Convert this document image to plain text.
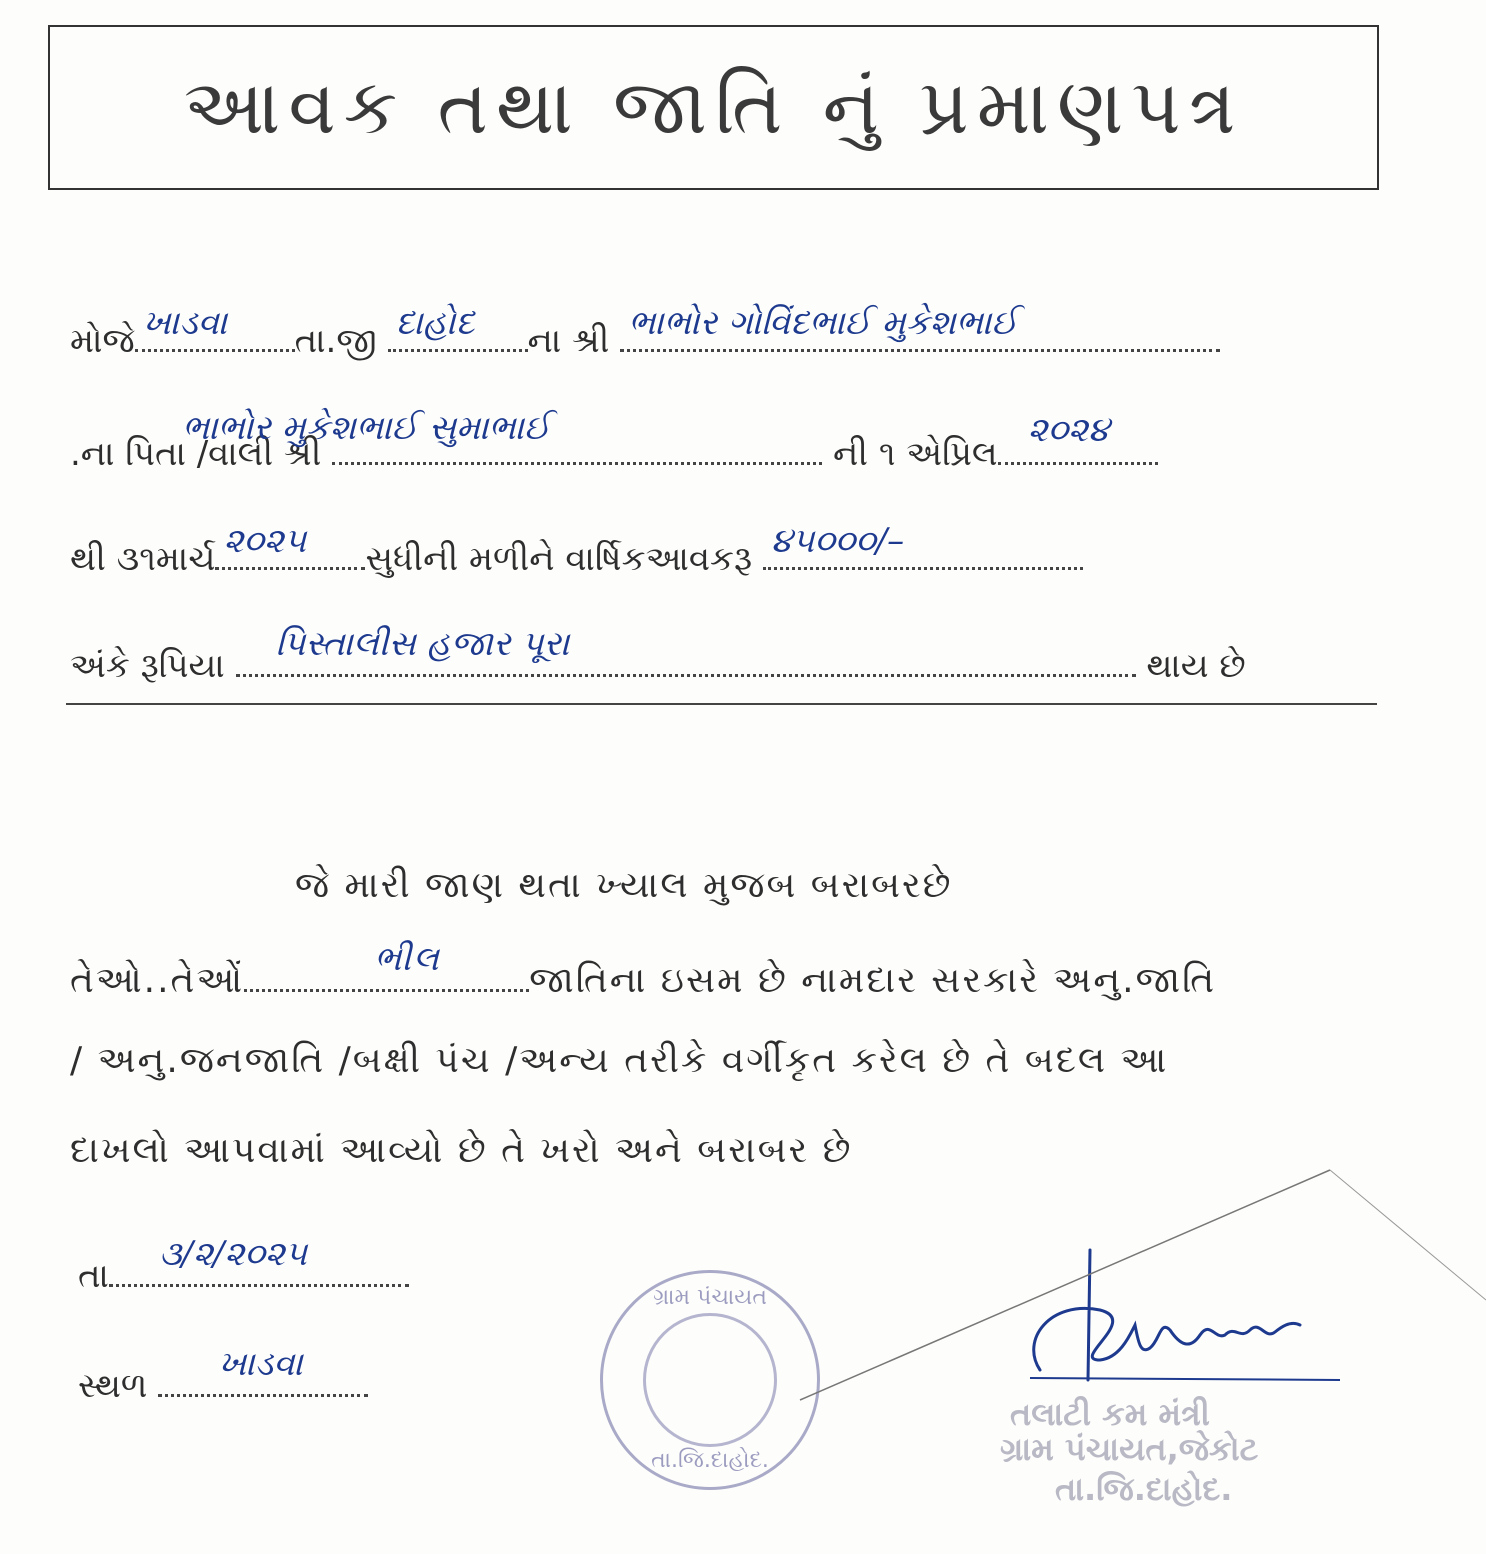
આવક તથા જાતિ નું પ્રમાણપત્ર
મોજે ખાડવા તા.જી દાહોદ ના શ્રી ભાભોર ગોવિંદભાઈ મુકેશભાઈ
.ના પિતા /વાલી શ્રી
ભાભોર મુકેશભાઈ સુમાભાઈ
ની ૧ એપ્રિલ
૨૦૨૪
થી ૩૧માર્ચ ૨૦૨૫ સુધીની મળીને વાર્ષિકઆવકરૂ ૪૫૦૦૦/–
અંકે રૂપિયા
પિસ્તાલીસ હજાર પૂરા
થાય છે
જે મારી જાણ થતા ખ્યાલ મુજબ બરાબરછે
તેઓ..તેઓં
ભીલ
જાતિના ઇસમ છે નામદાર સરકારે અનુ.જાતિ
/ અનુ.જનજાતિ /બક્ષી પંચ /અન્ય તરીકે વર્ગીકૃત કરેલ છે તે બદલ આ
દાખલો આપવામાં આવ્યો છે તે ખરો અને બરાબર છે
તા
૩/૨/૨૦૨૫
સ્થળ
ખાડવા
ગ્રામ પંચાયત
તા.જિ.દાહોદ.
તલાટી કમ મંત્રી
ગ્રામ પંચાયત,જેકોટ
તા.જિ.દાહોદ.
